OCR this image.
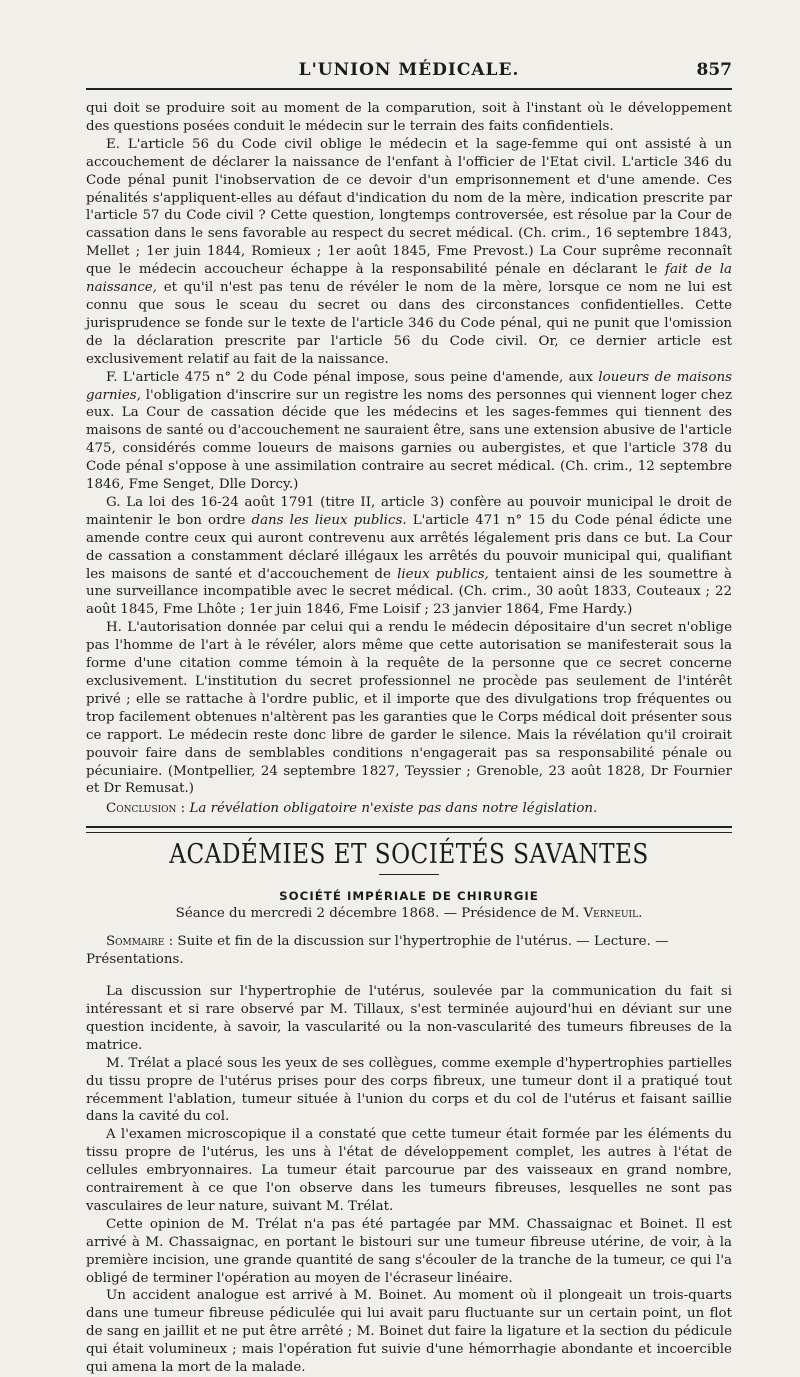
L'UNION MÉDICALE.	857

qui doit se produire soit au moment de la comparution, soit à l'instant où le développement des questions posées conduit le médecin sur le terrain des faits confidentiels.

E. L'article 56 du Code civil oblige le médecin et la sage-femme qui ont assisté à un accouchement de déclarer la naissance de l'enfant à l'officier de l'Etat civil. L'article 346 du Code pénal punit l'inobservation de ce devoir d'un emprisonnement et d'une amende. Ces pénalités s'appliquent-elles au défaut d'indication du nom de la mère, indication prescrite par l'article 57 du Code civil ? Cette question, longtemps controversée, est résolue par la Cour de cassation dans le sens favorable au respect du secret médical. (Ch. crim., 16 septembre 1843, Mellet ; 1er juin 1844, Romieux ; 1er août 1845, Fme Prevost.) La Cour suprême reconnaît que le médecin accoucheur échappe à la responsabilité pénale en déclarant le fait de la naissance, et qu'il n'est pas tenu de révéler le nom de la mère, lorsque ce nom ne lui est connu que sous le sceau du secret ou dans des circonstances confidentielles. Cette jurisprudence se fonde sur le texte de l'article 346 du Code pénal, qui ne punit que l'omission de la déclaration prescrite par l'article 56 du Code civil. Or, ce dernier article est exclusivement relatif au fait de la naissance.

F. L'article 475 n° 2 du Code pénal impose, sous peine d'amende, aux loueurs de maisons garnies, l'obligation d'inscrire sur un registre les noms des personnes qui viennent loger chez eux. La Cour de cassation décide que les médecins et les sages-femmes qui tiennent des maisons de santé ou d'accouchement ne sauraient être, sans une extension abusive de l'article 475, considérés comme loueurs de maisons garnies ou aubergistes, et que l'article 378 du Code pénal s'oppose à une assimilation contraire au secret médical. (Ch. crim., 12 septembre 1846, Fme Senget, Dlle Dorcy.)

G. La loi des 16-24 août 1791 (titre II, article 3) confère au pouvoir municipal le droit de maintenir le bon ordre dans les lieux publics. L'article 471 n° 15 du Code pénal édicte une amende contre ceux qui auront contrevenu aux arrêtés légalement pris dans ce but. La Cour de cassation a constamment déclaré illégaux les arrêtés du pouvoir municipal qui, qualifiant les maisons de santé et d'accouchement de lieux publics, tentaient ainsi de les soumettre à une surveillance incompatible avec le secret médical. (Ch. crim., 30 août 1833, Couteaux ; 22 août 1845, Fme Lhôte ; 1er juin 1846, Fme Loisif ; 23 janvier 1864, Fme Hardy.)

H. L'autorisation donnée par celui qui a rendu le médecin dépositaire d'un secret n'oblige pas l'homme de l'art à le révéler, alors même que cette autorisation se manifesterait sous la forme d'une citation comme témoin à la requête de la personne que ce secret concerne exclusivement. L'institution du secret professionnel ne procède pas seulement de l'intérêt privé ; elle se rattache à l'ordre public, et il importe que des divulgations trop fréquentes ou trop facilement obtenues n'altèrent pas les garanties que le Corps médical doit présenter sous ce rapport. Le médecin reste donc libre de garder le silence. Mais la révélation qu'il croirait pouvoir faire dans de semblables conditions n'engagerait pas sa responsabilité pénale ou pécuniaire. (Montpellier, 24 septembre 1827, Teyssier ; Grenoble, 23 août 1828, Dr Fournier et Dr Remusat.)

Conclusion : La révélation obligatoire n'existe pas dans notre législation.

ACADÉMIES ET SOCIÉTÉS SAVANTES
SOCIÉTÉ IMPÉRIALE DE CHIRURGIE
Séance du mercredi 2 décembre 1868. — Présidence de M. Verneuil.

Sommaire : Suite et fin de la discussion sur l'hypertrophie de l'utérus. — Lecture. — Présentations.

La discussion sur l'hypertrophie de l'utérus, soulevée par la communication du fait si intéressant et si rare observé par M. Tillaux, s'est terminée aujourd'hui en déviant sur une question incidente, à savoir, la vascularité ou la non-vascularité des tumeurs fibreuses de la matrice.

M. Trélat a placé sous les yeux de ses collègues, comme exemple d'hypertrophies partielles du tissu propre de l'utérus prises pour des corps fibreux, une tumeur dont il a pratiqué tout récemment l'ablation, tumeur située à l'union du corps et du col de l'utérus et faisant saillie dans la cavité du col.

A l'examen microscopique il a constaté que cette tumeur était formée par les éléments du tissu propre de l'utérus, les uns à l'état de développement complet, les autres à l'état de cellules embryonnaires. La tumeur était parcourue par des vaisseaux en grand nombre, contrairement à ce que l'on observe dans les tumeurs fibreuses, lesquelles ne sont pas vasculaires de leur nature, suivant M. Trélat.

Cette opinion de M. Trélat n'a pas été partagée par MM. Chassaignac et Boinet. Il est arrivé à M. Chassaignac, en portant le bistouri sur une tumeur fibreuse utérine, de voir, à la première incision, une grande quantité de sang s'écouler de la tranche de la tumeur, ce qui l'a obligé de terminer l'opération au moyen de l'écraseur linéaire.

Un accident analogue est arrivé à M. Boinet. Au moment où il plongeait un trois-quarts dans une tumeur fibreuse pédiculée qui lui avait paru fluctuante sur un certain point, un flot de sang en jaillit et ne put être arrêté ; M. Boinet dut faire la ligature et la section du pédicule qui était volumineux ; mais l'opération fut suivie d'une hémorrhagie abondante et incoercible qui amena la mort de la malade.
